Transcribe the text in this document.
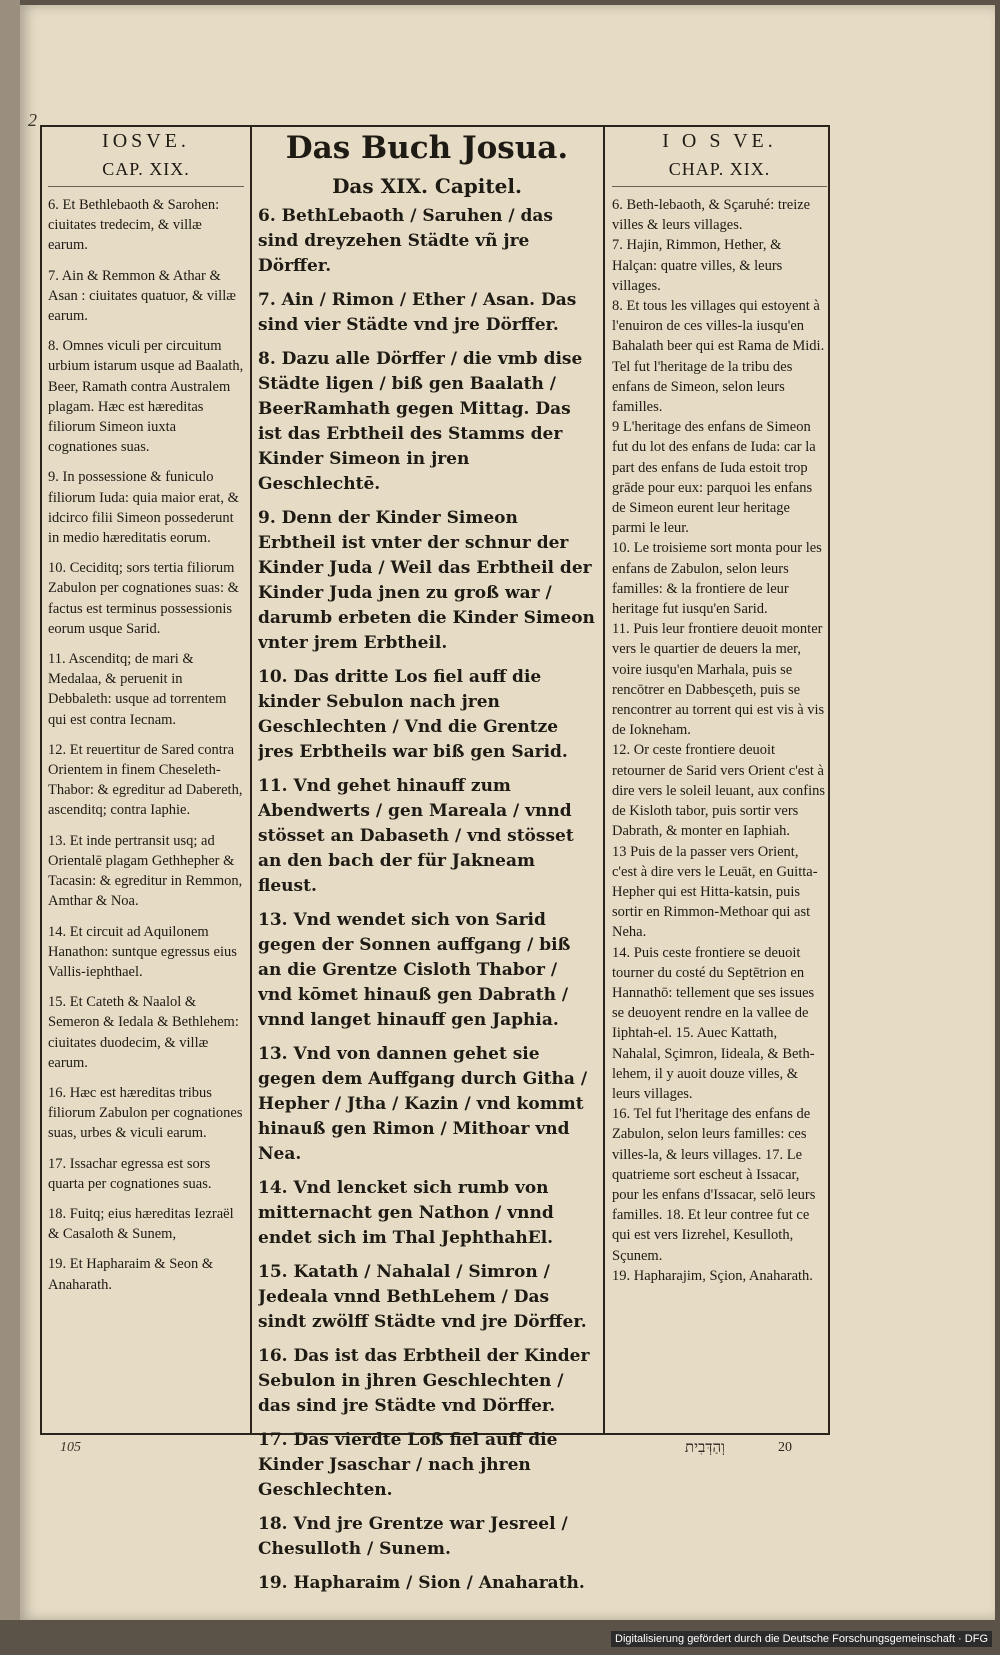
2
IOSVE.
CAP. XIX.

6. Et Bethlebaoth & Sarohen: ciuitates tredecim, & villæ earum.

7. Ain & Remmon & Athar & Asan : ciuitates quatuor, & villæ earum.

8. Omnes viculi per circuitum urbium istarum usque ad Baalath, Beer, Ramath contra Australem plagam. Hæc est hæreditas filiorum Simeon iuxta cognationes suas.

9. In possessione & funiculo filiorum Iuda: quia maior erat, & idcirco filii Simeon possederunt in medio hæreditatis eorum.

10. Ceciditq; sors tertia filiorum Zabulon per cognationes suas: & factus est terminus possessionis eorum usque Sarid.

11. Ascenditq; de mari & Medalaa, & peruenit in Debbaleth: usque ad torrentem qui est contra Iecnam.

12. Et reuertitur de Sared contra Orientem in finem Cheseleth-Thabor: & egreditur ad Dabereth, ascenditq; contra Iaphie.

13. Et inde pertransit usq; ad Orientalē plagam Gethhepher & Tacasin: & egreditur in Remmon, Amthar & Noa.

14. Et circuit ad Aquilonem Hanathon: suntque egressus eius Vallis-iephthael.

15. Et Cateth & Naalol & Semeron & Iedala & Bethlehem: ciuitates duodecim, & villæ earum.

16. Hæc est hæreditas tribus filiorum Zabulon per cognationes suas, urbes & viculi earum.

17. Issachar egressa est sors quarta per cognationes suas.

18. Fuitq; eius hæreditas Iezraël & Casaloth & Sunem,

19. Et Hapharaim & Seon & Anaharath.

Das Buch Josua.
Das XIX. Capitel.

6. BethLebaoth / Saruhen / das sind dreyzehen Städte vñ jre Dörffer.

7. Ain / Rimon / Ether / Asan. Das sind vier Städte vnd jre Dörffer.

8. Dazu alle Dörffer / die vmb dise Städte ligen / biß gen Baalath / BeerRamhath gegen Mittag. Das ist das Erbtheil des Stamms der Kinder Simeon in jren Geschlechtē.

9. Denn der Kinder Simeon Erbtheil ist vnter der schnur der Kinder Juda / Weil das Erbtheil der Kinder Juda jnen zu groß war / darumb erbeten die Kinder Simeon vnter jrem Erbtheil.

10. Das dritte Los fiel auff die kinder Sebulon nach jren Geschlechten / Vnd die Grentze jres Erbtheils war biß gen Sarid.

11. Vnd gehet hinauff zum Abendwerts / gen Mareala / vnnd stösset an Dabaseth / vnd stösset an den bach der für Jakneam fleust.

13. Vnd wendet sich von Sarid gegen der Sonnen auffgang / biß an die Grentze Cisloth Thabor / vnd kōmet hinauß gen Dabrath / vnnd langet hinauff gen Japhia.

13. Vnd von dannen gehet sie gegen dem Auffgang durch Githa / Hepher / Jtha / Kazin / vnd kommt hinauß gen Rimon / Mithoar vnd Nea.

14. Vnd lencket sich rumb von mitternacht gen Nathon / vnnd endet sich im Thal JephthahEl.

15. Katath / Nahalal / Simron / Jedeala vnnd BethLehem / Das sindt zwölff Städte vnd jre Dörffer.

16. Das ist das Erbtheil der Kinder Sebulon in jhren Geschlechten / das sind jre Städte vnd Dörffer.

17. Das vierdte Loß fiel auff die Kinder Jsaschar / nach jhren Geschlechten.

18. Vnd jre Grentze war Jesreel / Chesulloth / Sunem.

19. Hapharaim / Sion / Anaharath.

I O S VE.
CHAP. XIX.

6. Beth-lebaoth, & Sçaruhé: treize villes & leurs villages.

7. Hajin, Rimmon, Hether, & Halçan: quatre villes, & leurs villages.

8. Et tous les villages qui estoyent à l'enuiron de ces villes-la iusqu'en Bahalath beer qui est Rama de Midi. Tel fut l'heritage de la tribu des enfans de Simeon, selon leurs familles.

9 L'heritage des enfans de Simeon fut du lot des enfans de Iuda: car la part des enfans de Iuda estoit trop grāde pour eux: parquoi les enfans de Simeon eurent leur heritage parmi le leur.

10. Le troisieme sort monta pour les enfans de Zabulon, selon leurs familles: & la frontiere de leur heritage fut iusqu'en Sarid.

11. Puis leur frontiere deuoit monter vers le quartier de deuers la mer, voire iusqu'en Marhala, puis se rencōtrer en Dabbesçeth, puis se rencontrer au torrent qui est vis à vis de Iokneham.

12. Or ceste frontiere deuoit retourner de Sarid vers Orient c'est à dire vers le soleil leuant, aux confins de Kisloth tabor, puis sortir vers Dabrath, & monter en Iaphiah.

13 Puis de la passer vers Orient, c'est à dire vers le Leuāt, en Guitta-Hepher qui est Hitta-katsin, puis sortir en Rimmon-Methoar qui ast Neha.

14. Puis ceste frontiere se deuoit tourner du costé du Septētrion en Hannathō: tellement que ses issues se deuoyent rendre en la vallee de Iiphtah-el. 15. Auec Kattath, Nahalal, Sçimron, Iideala, & Beth-lehem, il y auoit douze villes, & leurs villages.

16. Tel fut l'heritage des enfans de Zabulon, selon leurs familles: ces villes-la, & leurs villages. 17. Le quatrieme sort escheut à Issacar, pour les enfans d'Issacar, selō leurs familles. 18. Et leur contree fut ce qui est vers Iizrehel, Kesulloth, Sçunem.

19. Hapharajim, Sçion, Anaharath.

105	וְהַדְּבִית	20
Digitalisierung gefördert durch die Deutsche Forschungsgemeinschaft · DFG
